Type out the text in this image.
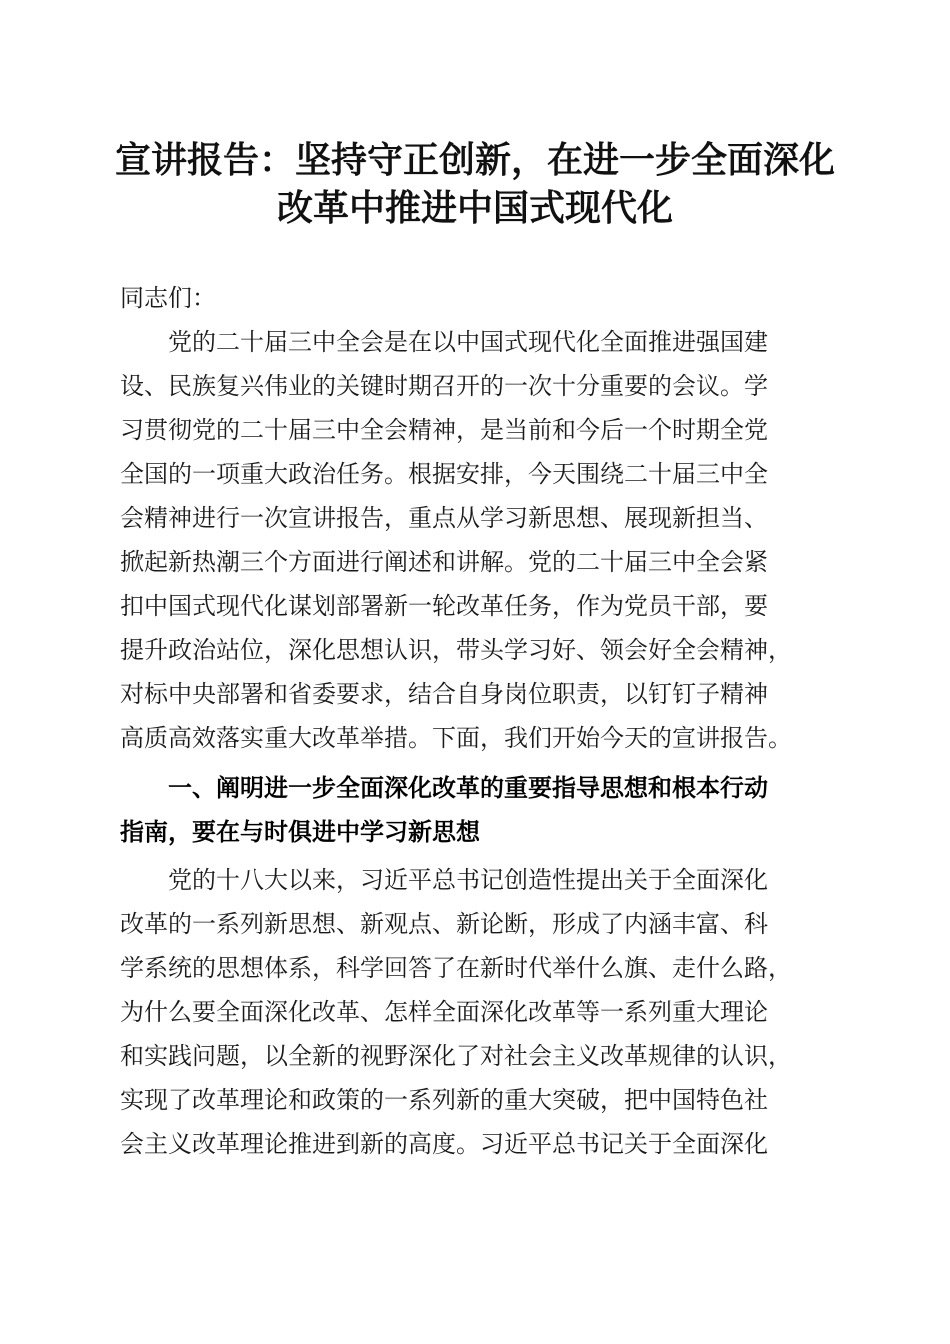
宣讲报告：坚持守正创新，在进一步全面深化
改革中推进中国式现代化
同志们：
党的二十届三中全会是在以中国式现代化全面推进强国建
设、民族复兴伟业的关键时期召开的一次十分重要的会议。学
习贯彻党的二十届三中全会精神，是当前和今后一个时期全党
全国的一项重大政治任务。根据安排，今天围绕二十届三中全
会精神进行一次宣讲报告，重点从学习新思想、展现新担当、
掀起新热潮三个方面进行阐述和讲解。党的二十届三中全会紧
扣中国式现代化谋划部署新一轮改革任务，作为党员干部，要
提升政治站位，深化思想认识，带头学习好、领会好全会精神，
对标中央部署和省委要求，结合自身岗位职责，以钉钉子精神
高质高效落实重大改革举措。下面，我们开始今天的宣讲报告。
一、阐明进一步全面深化改革的重要指导思想和根本行动
指南，要在与时俱进中学习新思想
党的十八大以来，习近平总书记创造性提出关于全面深化
改革的一系列新思想、新观点、新论断，形成了内涵丰富、科
学系统的思想体系，科学回答了在新时代举什么旗、走什么路，
为什么要全面深化改革、怎样全面深化改革等一系列重大理论
和实践问题，以全新的视野深化了对社会主义改革规律的认识，
实现了改革理论和政策的一系列新的重大突破，把中国特色社
会主义改革理论推进到新的高度。习近平总书记关于全面深化
